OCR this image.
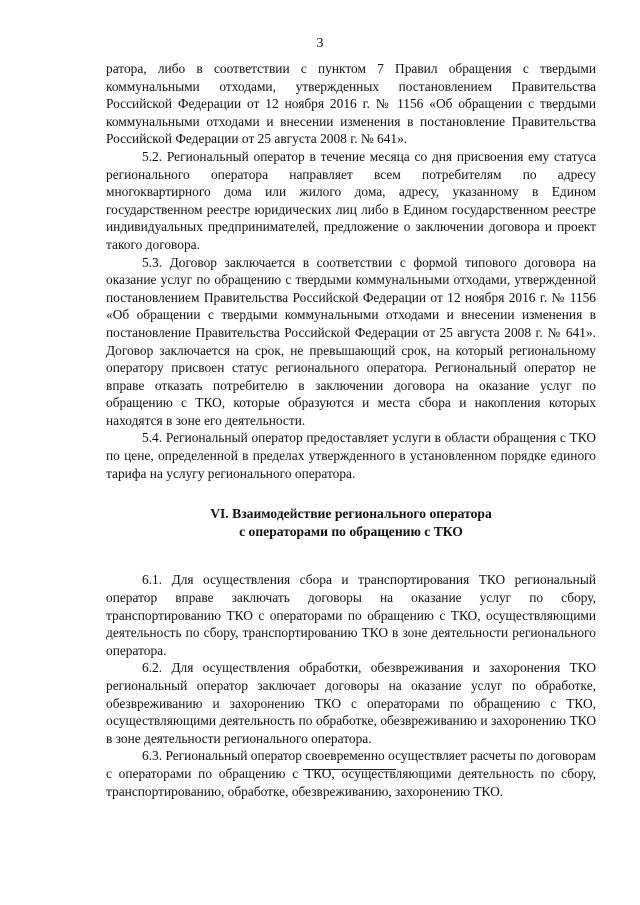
3

ратора, либо в соответствии с пунктом 7 Правил обращения с твердыми коммунальными отходами, утвержденных постановлением Правительства Российской Федерации от 12 ноября 2016 г. № 1156 «Об обращении с твердыми коммунальными отходами и внесении изменения в постановление Правительства Российской Федерации от 25 августа 2008 г. № 641».

5.2. Региональный оператор в течение месяца со дня присвоения ему статуса регионального оператора направляет всем потребителям по адресу многоквартирного дома или жилого дома, адресу, указанному в Едином государственном реестре юридических лиц либо в Едином государственном реестре индивидуальных предпринимателей, предложение о заключении договора и проект такого договора.

5.3. Договор заключается в соответствии с формой типового договора на оказание услуг по обращению с твердыми коммунальными отходами, утвержденной постановлением Правительства Российской Федерации от 12 ноября 2016 г. № 1156 «Об обращении с твердыми коммунальными отходами и внесении изменения в постановление Правительства Российской Федерации от 25 августа 2008 г. № 641». Договор заключается на срок, не превышающий срок, на который региональному оператору присвоен статус регионального оператора. Региональный оператор не вправе отказать потребителю в заключении договора на оказание услуг по обращению с ТКО, которые образуются и места сбора и накопления которых находятся в зоне его деятельности.

5.4. Региональный оператор предоставляет услуги в области обращения с ТКО по цене, определенной в пределах утвержденного в установленном порядке единого тарифа на услугу регионального оператора.

VI. Взаимодействие регионального оператора
с операторами по обращению с ТКО

6.1. Для осуществления сбора и транспортирования ТКО региональный оператор вправе заключать договоры на оказание услуг по сбору, транспортированию ТКО с операторами по обращению с ТКО, осуществляющими деятельность по сбору, транспортированию ТКО в зоне деятельности регионального оператора.

6.2. Для осуществления обработки, обезвреживания и захоронения ТКО региональный оператор заключает договоры на оказание услуг по обработке, обезвреживанию и захоронению ТКО с операторами по обращению с ТКО, осуществляющими деятельность по обработке, обезвреживанию и захоронению ТКО в зоне деятельности регионального оператора.

6.3. Региональный оператор своевременно осуществляет расчеты по договорам с операторами по обращению с ТКО, осуществляющими деятельность по сбору, транспортированию, обработке, обезвреживанию, захоронению ТКО.
